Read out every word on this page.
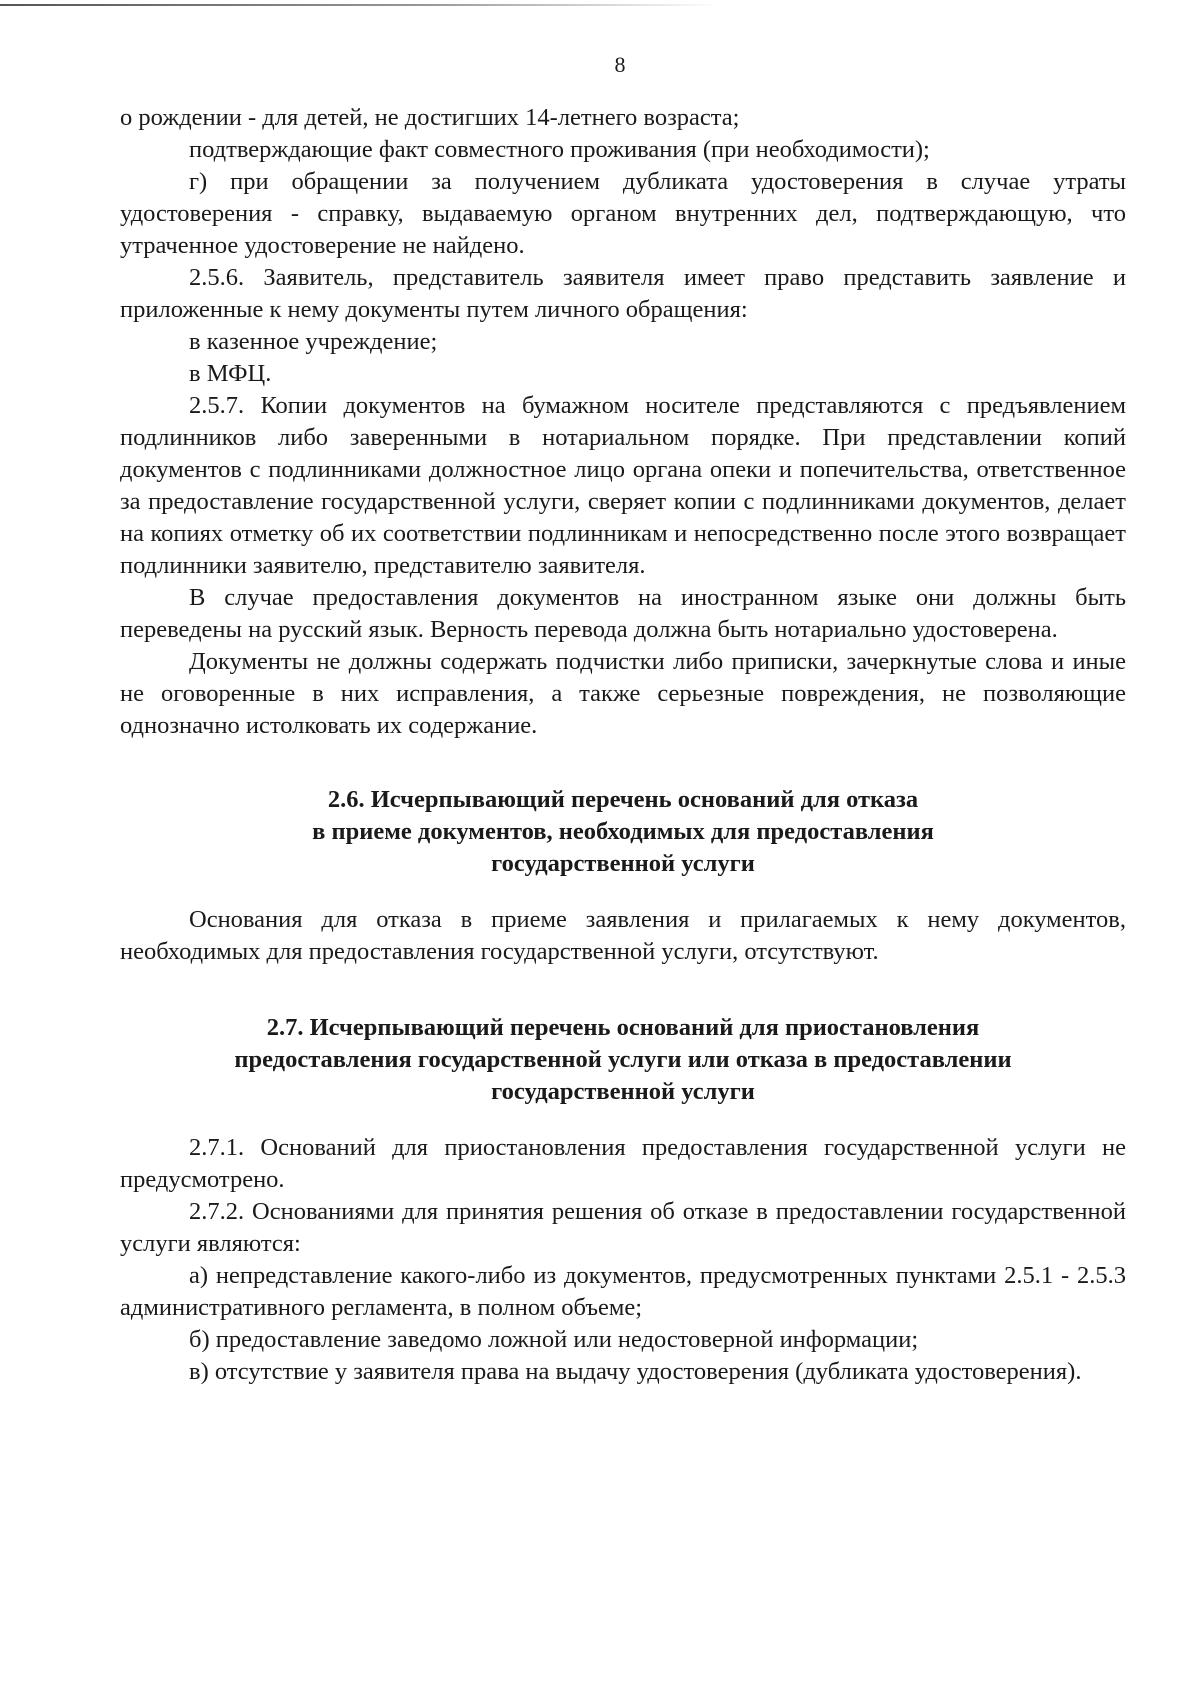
8

о рождении - для детей, не достигших 14-летнего возраста;

подтверждающие факт совместного проживания (при необходимости);

г) при обращении за получением дубликата удостоверения в случае утраты удостоверения - справку, выдаваемую органом внутренних дел, подтверждающую, что утраченное удостоверение не найдено.

2.5.6. Заявитель, представитель заявителя имеет право представить заявление и приложенные к нему документы путем личного обращения:

в казенное учреждение;

в МФЦ.

2.5.7. Копии документов на бумажном носителе представляются с предъявлением подлинников либо заверенными в нотариальном порядке. При представлении копий документов с подлинниками должностное лицо органа опеки и попечительства, ответственное за предоставление государственной услуги, сверяет копии с подлинниками документов, делает на копиях отметку об их соответствии подлинникам и непосредственно после этого возвращает подлинники заявителю, представителю заявителя.

В случае предоставления документов на иностранном языке они должны быть переведены на русский язык. Верность перевода должна быть нотариально удостоверена.

Документы не должны содержать подчистки либо приписки, зачеркнутые слова и иные не оговоренные в них исправления, а также серьезные повреждения, не позволяющие однозначно истолковать их содержание.

2.6. Исчерпывающий перечень оснований для отказа

в приеме документов, необходимых для предоставления

государственной услуги

Основания для отказа в приеме заявления и прилагаемых к нему документов, необходимых для предоставления государственной услуги, отсутствуют.

2.7. Исчерпывающий перечень оснований для приостановления

предоставления государственной услуги или отказа в предоставлении

государственной услуги

2.7.1. Оснований для приостановления предоставления государственной услуги не предусмотрено.

2.7.2. Основаниями для принятия решения об отказе в предоставлении государственной услуги являются:

а) непредставление какого-либо из документов, предусмотренных пунктами 2.5.1 - 2.5.3 административного регламента, в полном объеме;

б) предоставление заведомо ложной или недостоверной информации;

в) отсутствие у заявителя права на выдачу удостоверения (дубликата удостоверения).
